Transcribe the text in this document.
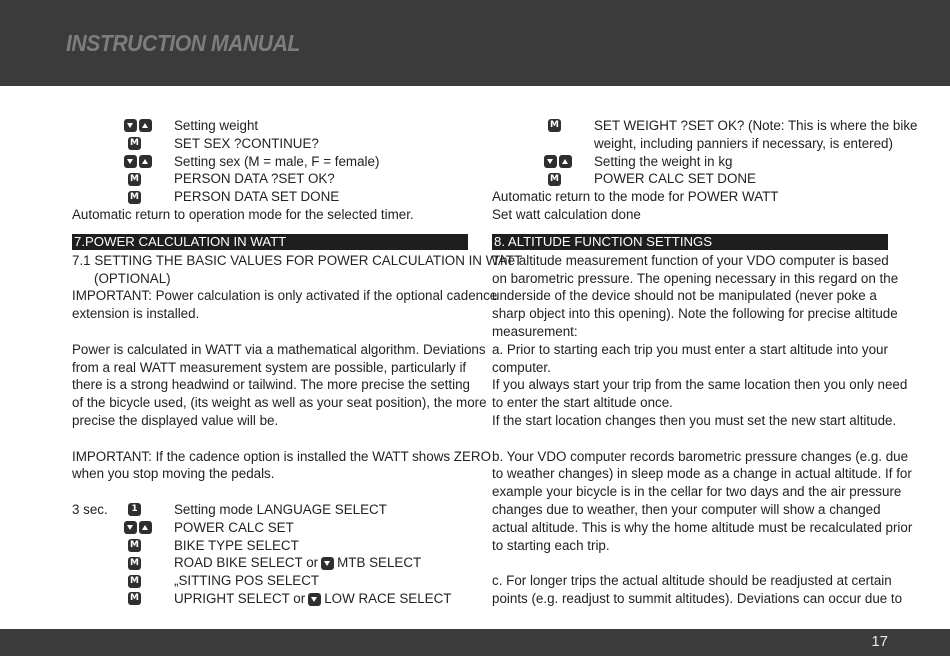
INSTRUCTION MANUAL
Setting weight
M
SET SEX ?CONTINUE?
Setting sex (M = male, F = female)
M
PERSON DATA ?SET OK?
M
PERSON DATA SET DONE
Automatic return to operation mode for the selected timer.
7.POWER CALCULATION IN WATT
7.1 SETTING THE BASIC VALUES FOR POWER CALCULATION IN WATT
(OPTIONAL)
IMPORTANT: Power calculation is only activated if the optional cadence
extension is installed.
Power is calculated in WATT via a mathematical algorithm. Deviations
from a real WATT measurement system are possible, particularly if
there is a strong headwind or tailwind. The more precise the setting
of the bicycle used, (its weight as well as your seat position), the more
precise the displayed value will be.
IMPORTANT: If the cadence option is installed the WATT shows ZERO
when you stop moving the pedals.
3 sec.
1	Setting mode LANGUAGE SELECT
POWER CALC SET
M
BIKE TYPE SELECT
M
ROAD BIKE SELECT or MTB SELECT
M
„SITTING POS SELECT
M
UPRIGHT SELECT or LOW RACE SELECT
M
SET WEIGHT ?SET OK? (Note: This is where the bike
weight, including panniers if necessary, is entered)
Setting the weight in kg
M
POWER CALC SET DONE
Automatic return to the mode for POWER WATT
Set watt calculation done
8. ALTITUDE FUNCTION SETTINGS
The altitude measurement function of your VDO computer is based
on barometric pressure. The opening necessary in this regard on the
underside of the device should not be manipulated (never poke a
sharp object into this opening). Note the following for precise altitude
measurement:
a. Prior to starting each trip you must enter a start altitude into your
computer.
If you always start your trip from the same location then you only need
to enter the start altitude once.
If the start location changes then you must set the new start altitude.
b. Your VDO computer records barometric pressure changes (e.g. due
to weather changes) in sleep mode as a change in actual altitude. If for
example your bicycle is in the cellar for two days and the air pressure
changes due to weather, then your computer will show a changed
actual altitude. This is why the home altitude must be recalculated prior
to starting each trip.
c. For longer trips the actual altitude should be readjusted at certain
points (e.g. readjust to summit altitudes). Deviations can occur due to
17
